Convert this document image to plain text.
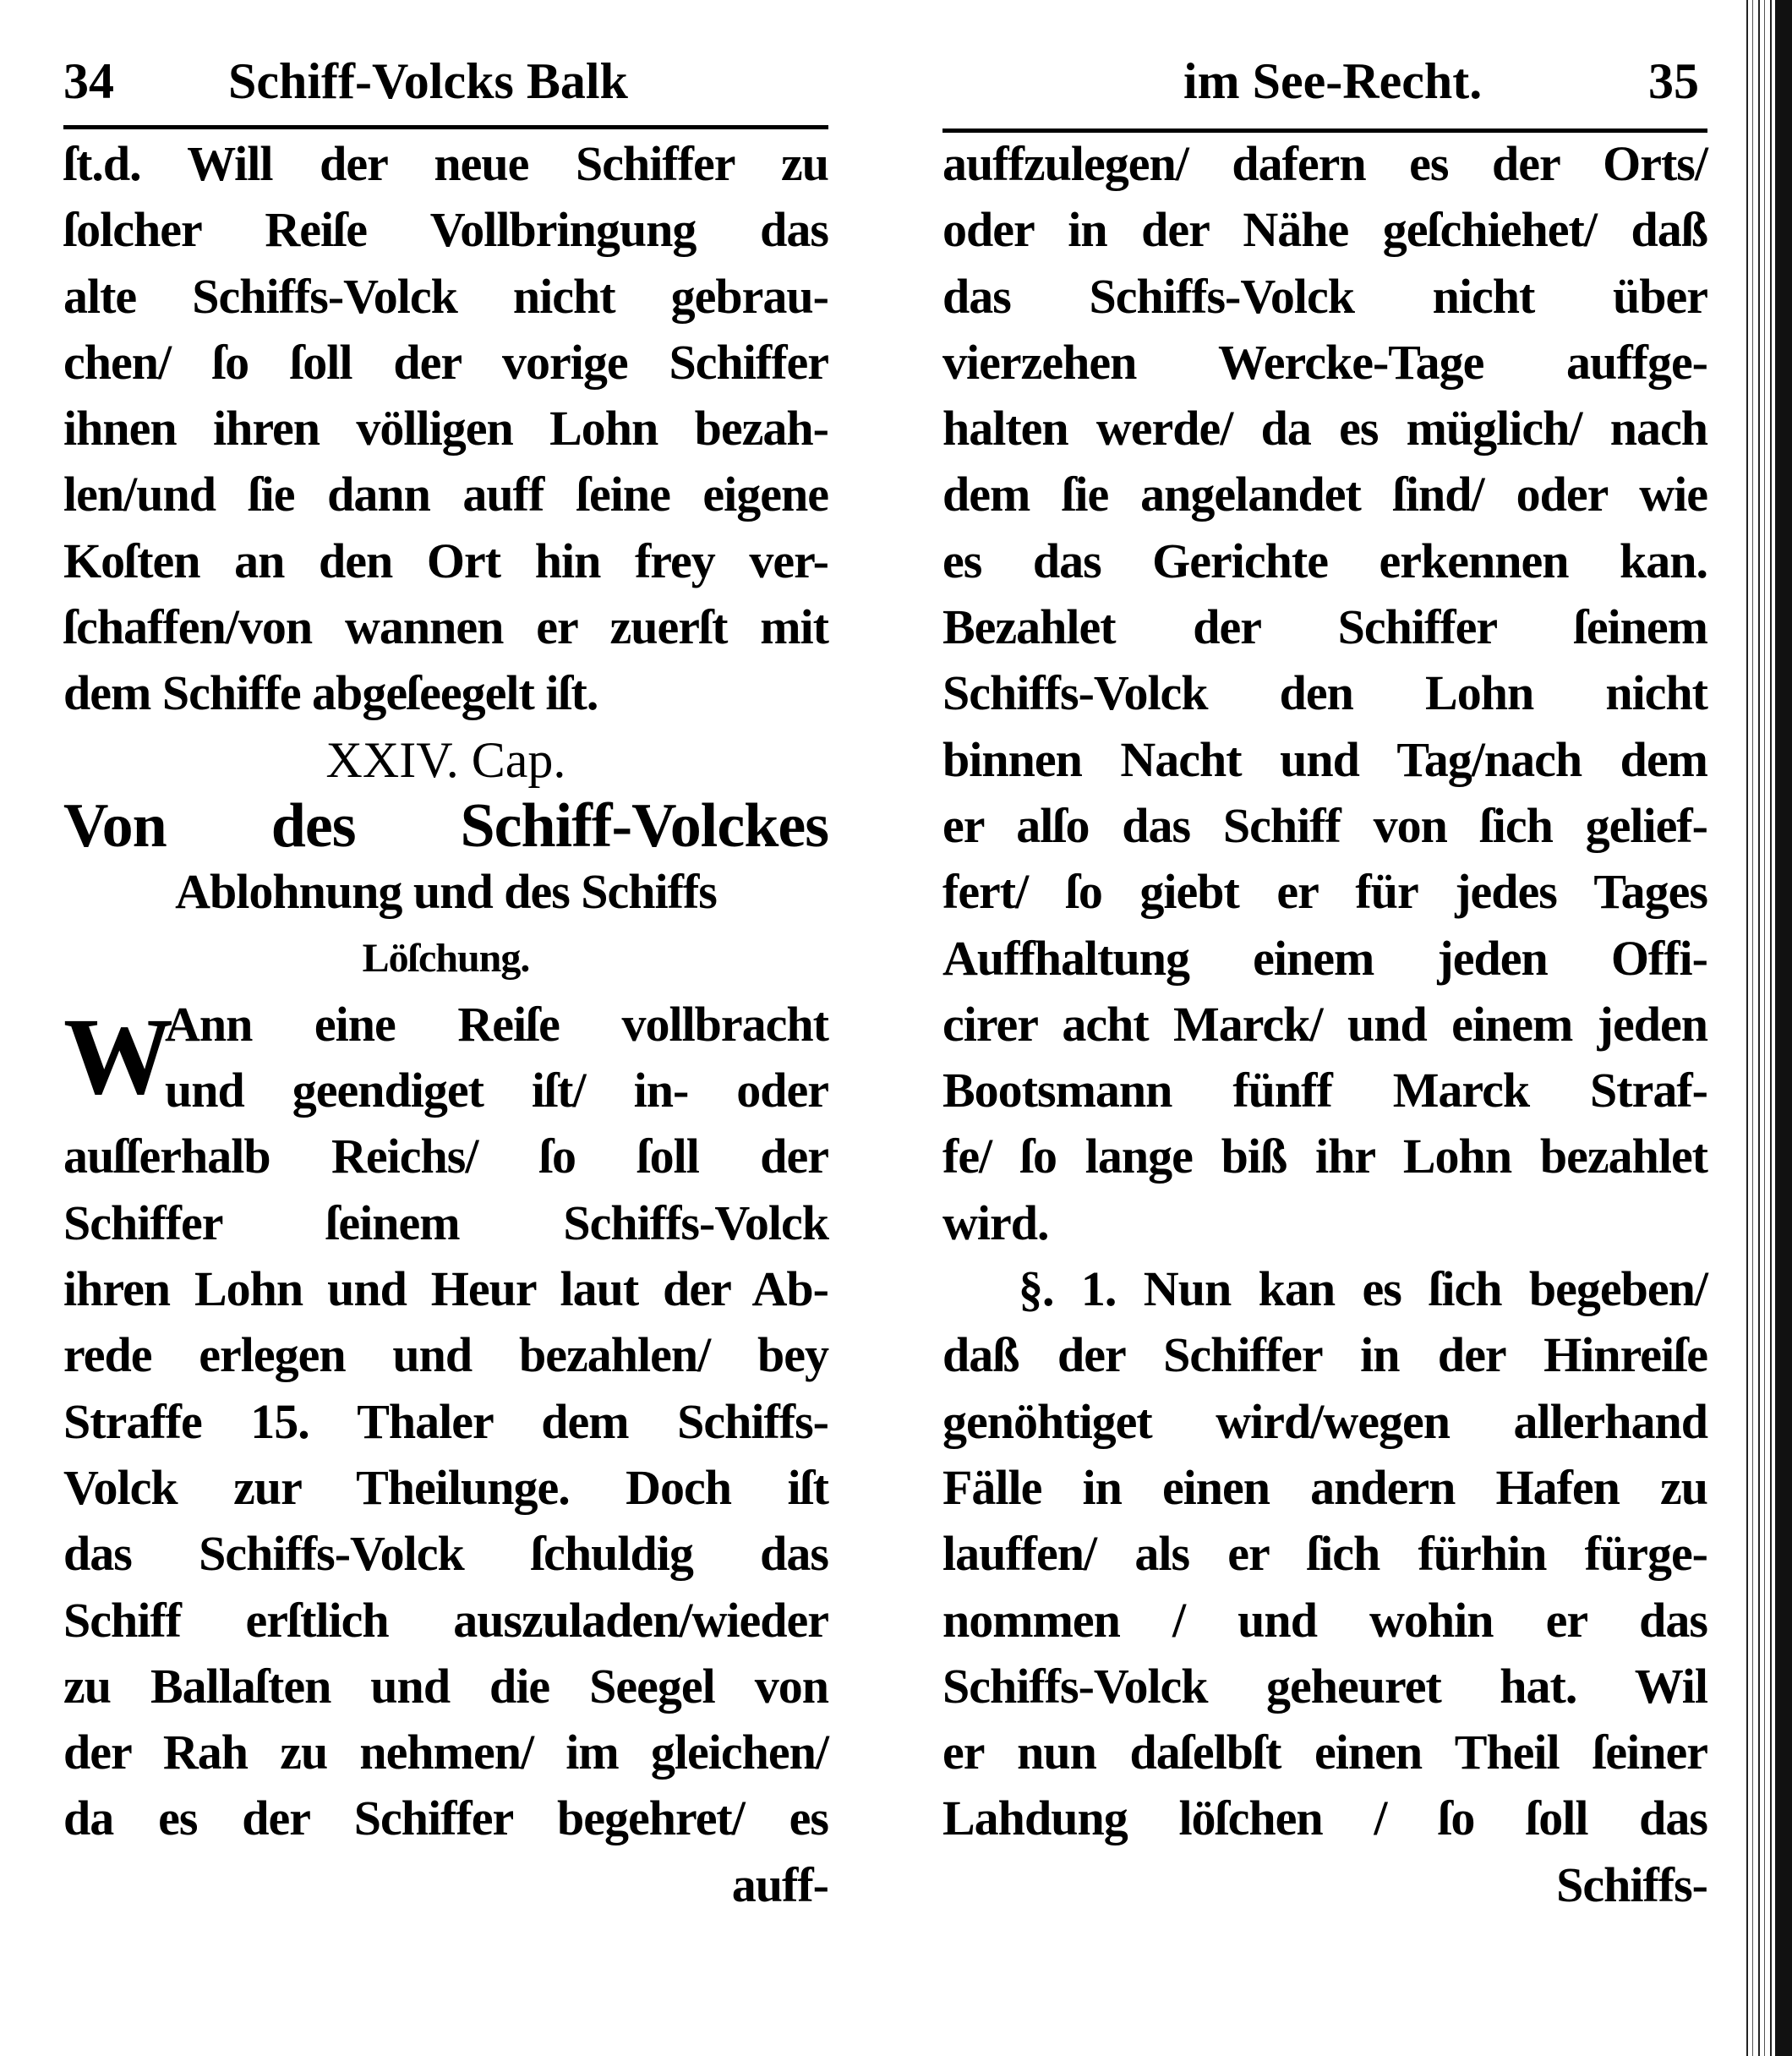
34 Schiff-Volcks Balk
W
ſt.d. Will der neue Schiffer zu
ſolcher Reiſe Vollbringung das
alte Schiffs-Volck nicht gebrau-
chen/ ſo ſoll der vorige Schiffer
ihnen ihren völligen Lohn bezah-
len/und ſie dann auff ſeine eigene
Koſten an den Ort hin frey ver-
ſchaffen/von wannen er zuerſt mit
dem Schiffe abgeſeegelt iſt.
XXIV. Cap.
Von des Schiff-Volckes
Ablohnung und des Schiffs
Löſchung.
Ann eine Reiſe vollbracht
und geendiget iſt/ in- oder
auſſerhalb Reichs/ ſo ſoll der
Schiffer ſeinem Schiffs-Volck
ihren Lohn und Heur laut der Ab-
rede erlegen und bezahlen/ bey
Straffe 15. Thaler dem Schiffs-
Volck zur Theilunge. Doch iſt
das Schiffs-Volck ſchuldig das
Schiff erſtlich auszuladen/wieder
zu Ballaſten und die Seegel von
der Rah zu nehmen/ im gleichen/
da es der Schiffer begehret/ es
auff-
im See-Recht.	35
auffzulegen/ dafern es der Orts/
oder in der Nähe geſchiehet/ daß
das Schiffs-Volck nicht über
vierzehen Wercke-Tage auffge-
halten werde/ da es müglich/ nach
dem ſie angelandet ſind/ oder wie
es das Gerichte erkennen kan.
Bezahlet der Schiffer ſeinem
Schiffs-Volck den Lohn nicht
binnen Nacht und Tag/nach dem
er alſo das Schiff von ſich gelief-
fert/ ſo giebt er für jedes Tages
Auffhaltung einem jeden Offi-
cirer acht Marck/ und einem jeden
Bootsmann fünff Marck Straf-
fe/ ſo lange biß ihr Lohn bezahlet
wird.
§. 1. Nun kan es ſich begeben/
daß der Schiffer in der Hinreiſe
genöhtiget wird/wegen allerhand
Fälle in einen andern Hafen zu
lauffen/ als er ſich fürhin fürge-
nommen / und wohin er das
Schiffs-Volck geheuret hat. Wil
er nun daſelbſt einen Theil ſeiner
Lahdung löſchen / ſo ſoll das
Schiffs-
